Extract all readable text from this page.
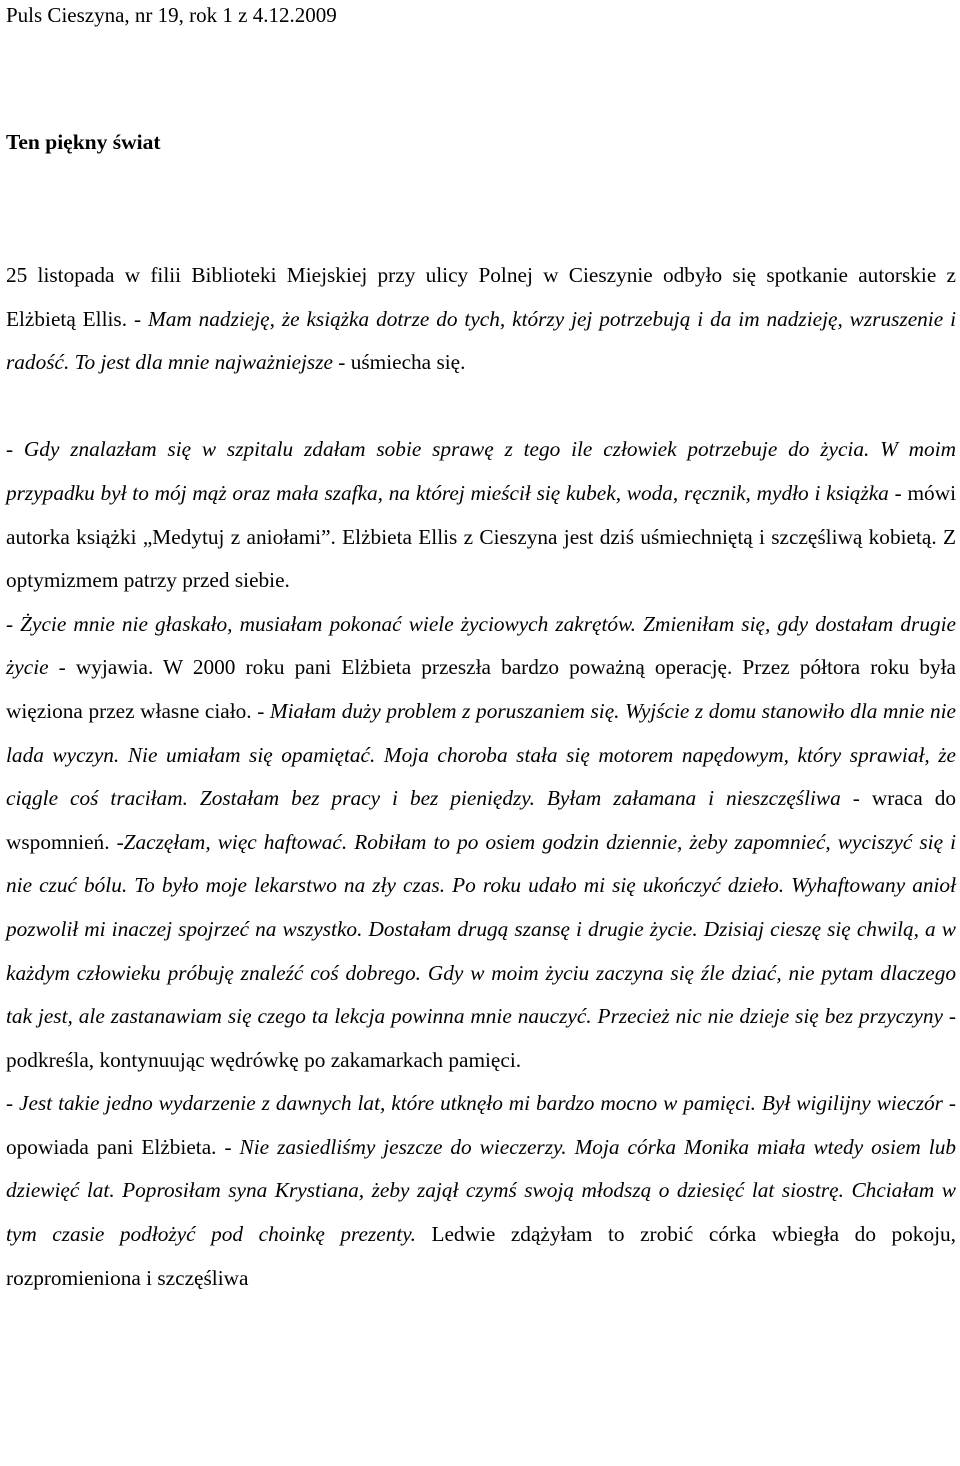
Puls Cieszyna, nr 19, rok 1 z 4.12.2009
Ten piękny świat

25 listopada w filii Biblioteki Miejskiej przy ulicy Polnej w Cieszynie odbyło się spotkanie autorskie z Elżbietą Ellis. - Mam nadzieję, że książka dotrze do tych, którzy jej potrzebują i da im nadzieję, wzruszenie i radość. To jest dla mnie najważniejsze - uśmiecha się.

- Gdy znalazłam się w szpitalu zdałam sobie sprawę z tego ile człowiek potrzebuje do życia. W moim przypadku był to mój mąż oraz mała szafka, na której mieścił się kubek, woda, ręcznik, mydło i książka - mówi autorka książki „Medytuj z aniołami”. Elżbieta Ellis z Cieszyna jest dziś uśmiechniętą i szczęśliwą kobietą. Z optymizmem patrzy przed siebie.

- Życie mnie nie głaskało, musiałam pokonać wiele życiowych zakrętów. Zmieniłam się, gdy dostałam drugie życie - wyjawia. W 2000 roku pani Elżbieta przeszła bardzo poważną operację. Przez półtora roku była więziona przez własne ciało. - Miałam duży problem z poruszaniem się. Wyjście z domu stanowiło dla mnie nie lada wyczyn. Nie umiałam się opamiętać. Moja choroba stała się motorem napędowym, który sprawiał, że ciągle coś traciłam. Zostałam bez pracy i bez pieniędzy. Byłam załamana i nieszczęśliwa - wraca do wspomnień. -Zaczęłam, więc haftować. Robiłam to po osiem godzin dziennie, żeby zapomnieć, wyciszyć się i nie czuć bólu. To było moje lekarstwo na zły czas. Po roku udało mi się ukończyć dzieło. Wyhaftowany anioł pozwolił mi inaczej spojrzeć na wszystko. Dostałam drugą szansę i drugie życie. Dzisiaj cieszę się chwilą, a w każdym człowieku próbuję znaleźć coś dobrego. Gdy w moim życiu zaczyna się źle dziać, nie pytam dlaczego tak jest, ale zastanawiam się czego ta lekcja powinna mnie nauczyć. Przecież nic nie dzieje się bez przyczyny - podkreśla, kontynuując wędrówkę po zakamarkach pamięci.

- Jest takie jedno wydarzenie z dawnych lat, które utknęło mi bardzo mocno w pamięci. Był wigilijny wieczór - opowiada pani Elżbieta. - Nie zasiedliśmy jeszcze do wieczerzy. Moja córka Monika miała wtedy osiem lub dziewięć lat. Poprosiłam syna Krystiana, żeby zajął czymś swoją młodszą o dziesięć lat siostrę. Chciałam w tym czasie podłożyć pod choinkę prezenty. Ledwie zdążyłam to zrobić córka wbiegła do pokoju, rozpromieniona i szczęśliwa
